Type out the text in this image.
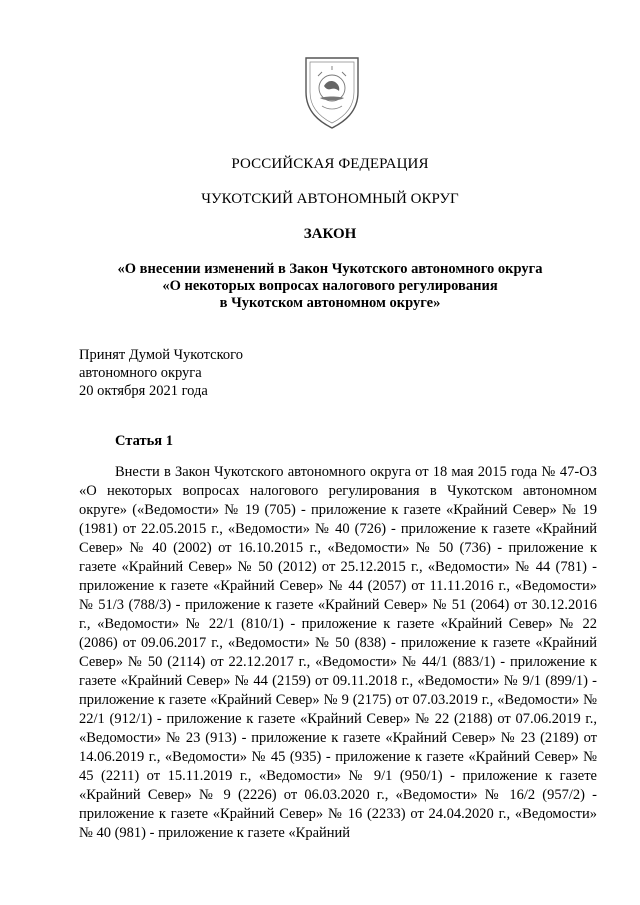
РОССИЙСКАЯ ФЕДЕРАЦИЯ
ЧУКОТСКИЙ АВТОНОМНЫЙ ОКРУГ
ЗАКОН
«О внесении изменений в Закон Чукотского автономного округа
«О некоторых вопросах налогового регулирования
в Чукотском автономном округе»
Принят Думой Чукотского
автономного округа
20 октября 2021 года
Статья 1
Внести в Закон Чукотского автономного округа от 18 мая 2015 года № 47-ОЗ «О некоторых вопросах налогового регулирования в Чукотском автономном округе» («Ведомости» № 19 (705) - приложение к газете «Крайний Север» № 19 (1981) от 22.05.2015 г., «Ведомости» № 40 (726) - приложение к газете «Крайний Север» № 40 (2002) от 16.10.2015 г., «Ведомости» № 50 (736) - приложение к газете «Крайний Север» № 50 (2012) от 25.12.2015 г., «Ведомости» № 44 (781) - приложение к газете «Крайний Север» № 44 (2057) от 11.11.2016 г., «Ведомости» № 51/3 (788/3) - приложение к газете «Крайний Север» № 51 (2064) от 30.12.2016 г., «Ведомости» № 22/1 (810/1) - приложение к газете «Крайний Север» № 22 (2086) от 09.06.2017 г., «Ведомости» № 50 (838) - приложение к газете «Крайний Север» № 50 (2114) от 22.12.2017 г., «Ведомости» № 44/1 (883/1) - приложение к газете «Крайний Север» № 44 (2159) от 09.11.2018 г., «Ведомости» № 9/1 (899/1) - приложение к газете «Крайний Север» № 9 (2175) от 07.03.2019 г., «Ведомости» № 22/1 (912/1) - приложение к газете «Крайний Север» № 22 (2188) от 07.06.2019 г., «Ведомости» № 23 (913) - приложение к газете «Крайний Север» № 23 (2189) от 14.06.2019 г., «Ведомости» № 45 (935) - приложение к газете «Крайний Север» № 45 (2211) от 15.11.2019 г., «Ведомости» № 9/1 (950/1) - приложение к газете «Крайний Север» № 9 (2226) от 06.03.2020 г., «Ведомости» № 16/2 (957/2) - приложение к газете «Крайний Север» № 16 (2233) от 24.04.2020 г., «Ведомости» № 40 (981) - приложение к газете «Крайний
